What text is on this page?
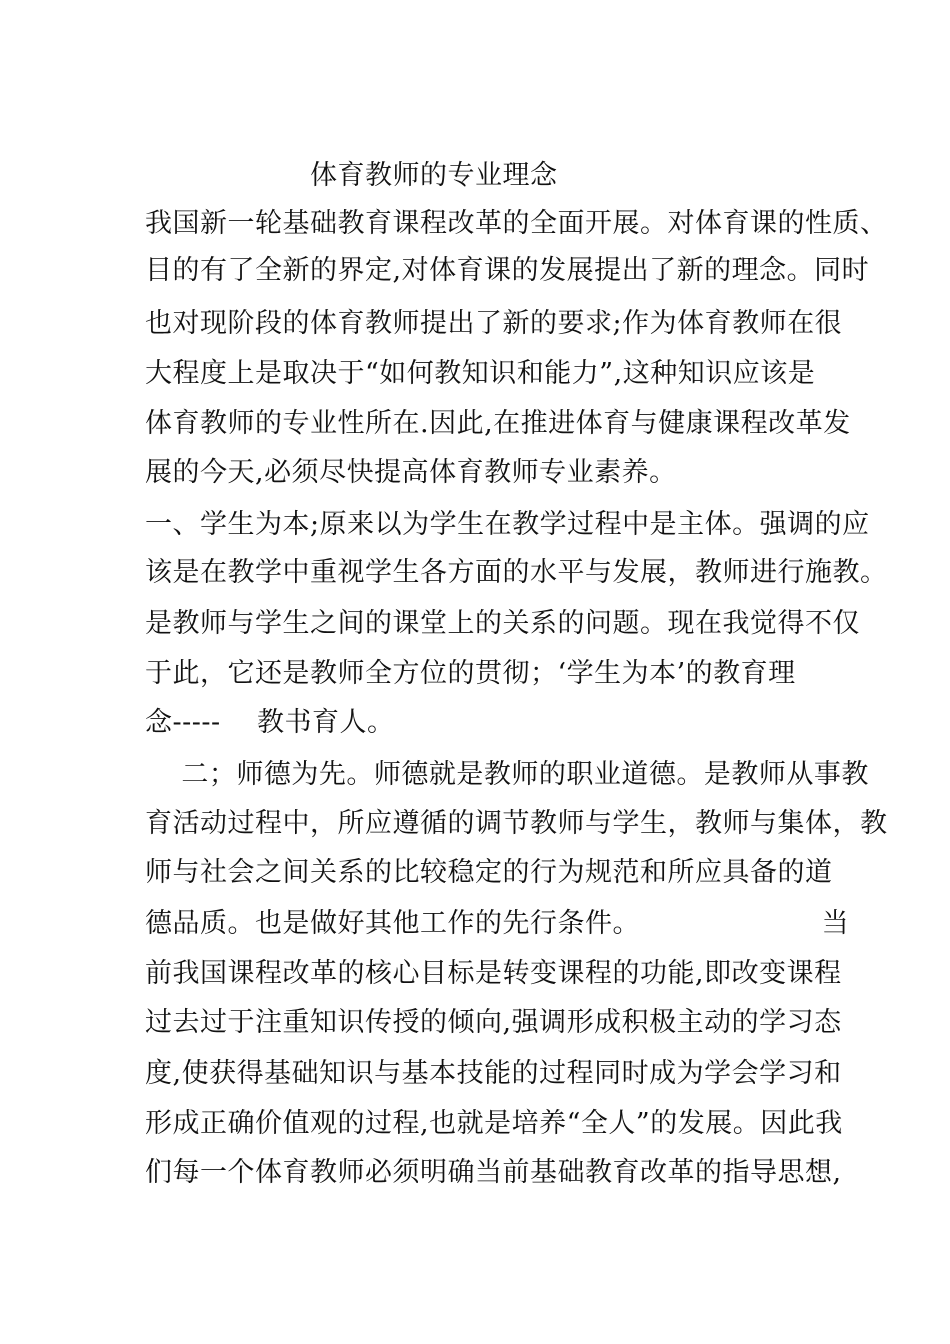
体育教师的专业理念
我国新一轮基础教育课程改革的全面开展。对体育课的性质、
目的有了全新的界定,对体育课的发展提出了新的理念。同时
也对现阶段的体育教师提出了新的要求;作为体育教师在很
大程度上是取决于“如何教知识和能力”,这种知识应该是
体育教师的专业性所在.因此,在推进体育与健康课程改革发
展的今天,必须尽快提高体育教师专业素养。
一、学生为本;原来以为学生在教学过程中是主体。强调的应
该是在教学中重视学生各方面的水平与发展，教师进行施教。
是教师与学生之间的课堂上的关系的问题。现在我觉得不仅
于此，它还是教师全方位的贯彻；‘学生为本’的教育理
念-----    教书育人。
二；师德为先。师德就是教师的职业道德。是教师从事教
育活动过程中，所应遵循的调节教师与学生，教师与集体，教
师与社会之间关系的比较稳定的行为规范和所应具备的道
德品质。也是做好其他工作的先行条件。                    当
前我国课程改革的核心目标是转变课程的功能,即改变课程
过去过于注重知识传授的倾向,强调形成积极主动的学习态
度,使获得基础知识与基本技能的过程同时成为学会学习和
形成正确价值观的过程,也就是培养“全人”的发展。因此我
们每一个体育教师必须明确当前基础教育改革的指导思想,
